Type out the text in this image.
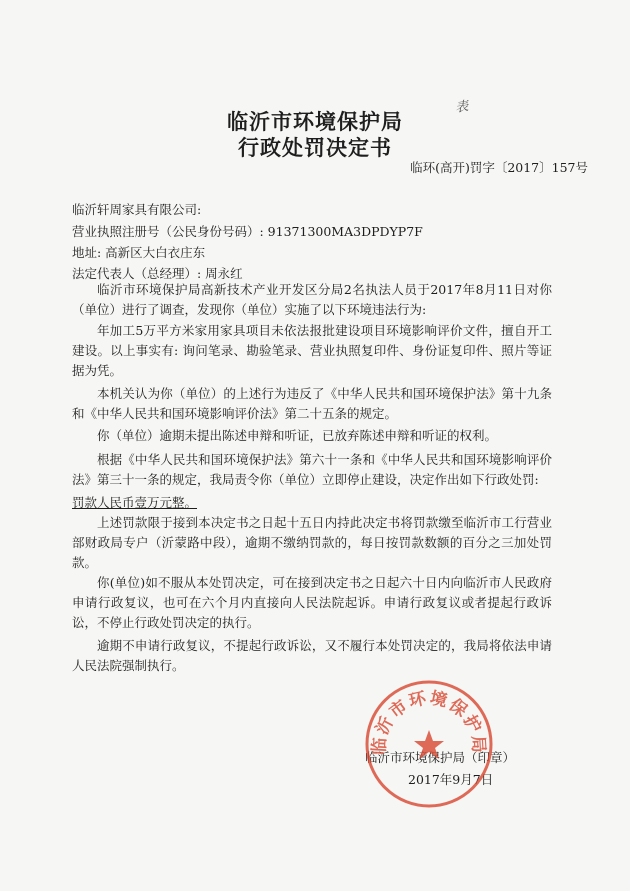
表
临沂市环境保护局
行政处罚决定书
临环(高开)罚字〔2017〕157号
临沂轩周家具有限公司:
营业执照注册号（公民身份号码）: 91371300MA3DPDYP7F
地址: 高新区大白衣庄东
法定代表人（总经理）: 周永红
临沂市环境保护局高新技术产业开发区分局2名执法人员于2017年8月11日对你（单位）进行了调查，发现你（单位）实施了以下环境违法行为:
年加工5万平方米家用家具项目未依法报批建设项目环境影响评价文件，擅自开工建设。以上事实有: 询问笔录、勘验笔录、营业执照复印件、身份证复印件、照片等证据为凭。
本机关认为你（单位）的上述行为违反了《中华人民共和国环境保护法》第十九条和《中华人民共和国环境影响评价法》第二十五条的规定。
你（单位）逾期未提出陈述申辩和听证，已放弃陈述申辩和听证的权利。
根据《中华人民共和国环境保护法》第六十一条和《中华人民共和国环境影响评价法》第三十一条的规定，我局责令你（单位）立即停止建设，决定作出如下行政处罚:
罚款人民币壹万元整。
上述罚款限于接到本决定书之日起十五日内持此决定书将罚款缴至临沂市工行营业部财政局专户（沂蒙路中段），逾期不缴纳罚款的，每日按罚款数额的百分之三加处罚款。
你(单位)如不服从本处罚决定，可在接到决定书之日起六十日内向临沂市人民政府申请行政复议，也可在六个月内直接向人民法院起诉。申请行政复议或者提起行政诉讼，不停止行政处罚决定的执行。
逾期不申请行政复议，不提起行政诉讼，又不履行本处罚决定的，我局将依法申请人民法院强制执行。
临沂市环境保护局（印章）
2017年9月7日
临沂市环境保护局
